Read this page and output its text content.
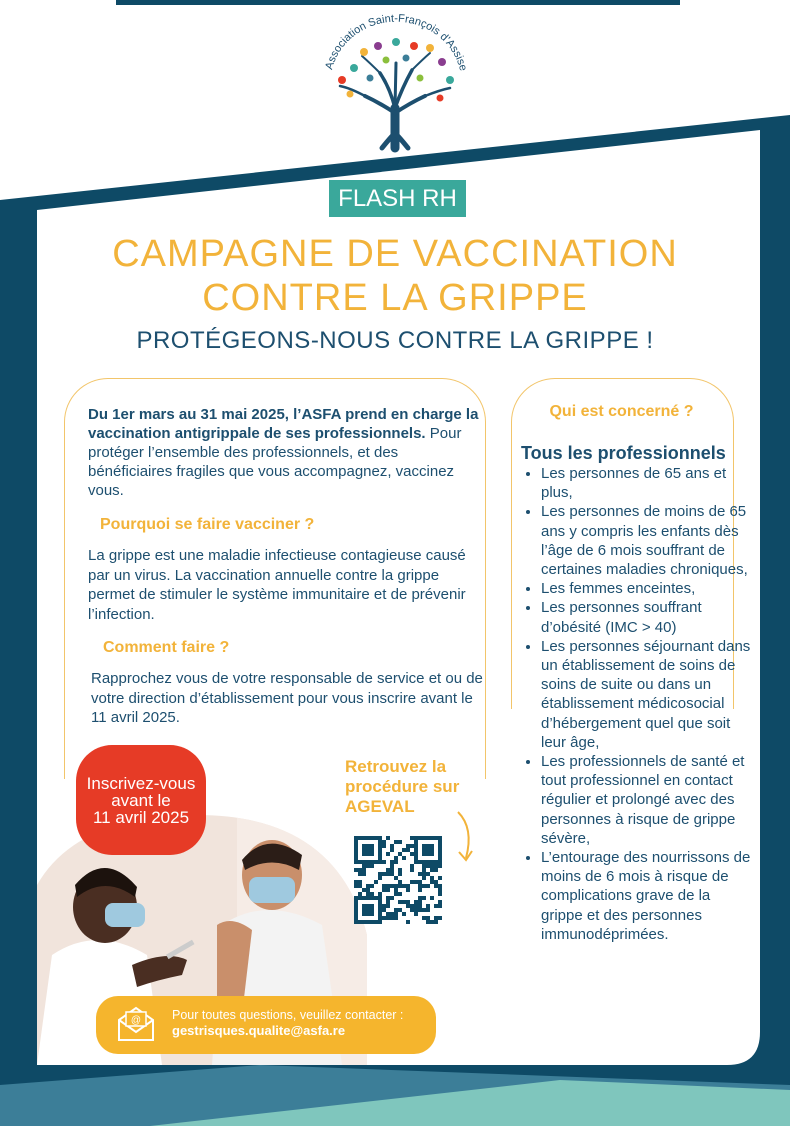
Association Saint-François d'Assise
FLASH RH
CAMPAGNE DE VACCINATION
CONTRE LA GRIPPE
PROTÉGEONS-NOUS CONTRE LA GRIPPE !
Du 1er mars au 31 mai 2025, l’ASFA prend en charge la vaccination antigrippale de ses professionnels. Pour protéger l’ensemble des professionnels, et des bénéficiaires fragiles que vous accompagnez, vaccinez vous.
Pourquoi se faire vacciner ?
La grippe est une maladie infectieuse contagieuse causé par un virus. La vaccination annuelle contre la grippe permet de stimuler le système immunitaire et de prévenir l’infection.
Comment faire ?
Rapprochez vous de votre responsable de service et ou de votre direction d’établissement pour vous inscrire avant le 11 avril 2025.
Qui est concerné ?
Tous les professionnels
• Les personnes de 65 ans et plus,
• Les personnes de moins de 65 ans y compris les enfants dès l’âge de 6 mois souffrant de certaines maladies chroniques,
• Les femmes enceintes,
• Les personnes souffrant d’obésité (IMC > 40)
• Les personnes séjournant dans un établissement de soins de soins de suite ou dans un établissement médicosocial d’hébergement quel que soit leur âge,
• Les professionnels de santé et tout professionnel en contact régulier et prolongé avec des personnes à risque de grippe sévère,
• L’entourage des nourrissons de moins de 6 mois à risque de complications grave de la grippe et des personnes immunodéprimées.
Inscrivez-vous
avant le
11 avril 2025
Retrouvez la
procédure sur
AGEVAL
@ Pour toutes questions, veuillez contacter :
gestrisques.qualite@asfa.re
